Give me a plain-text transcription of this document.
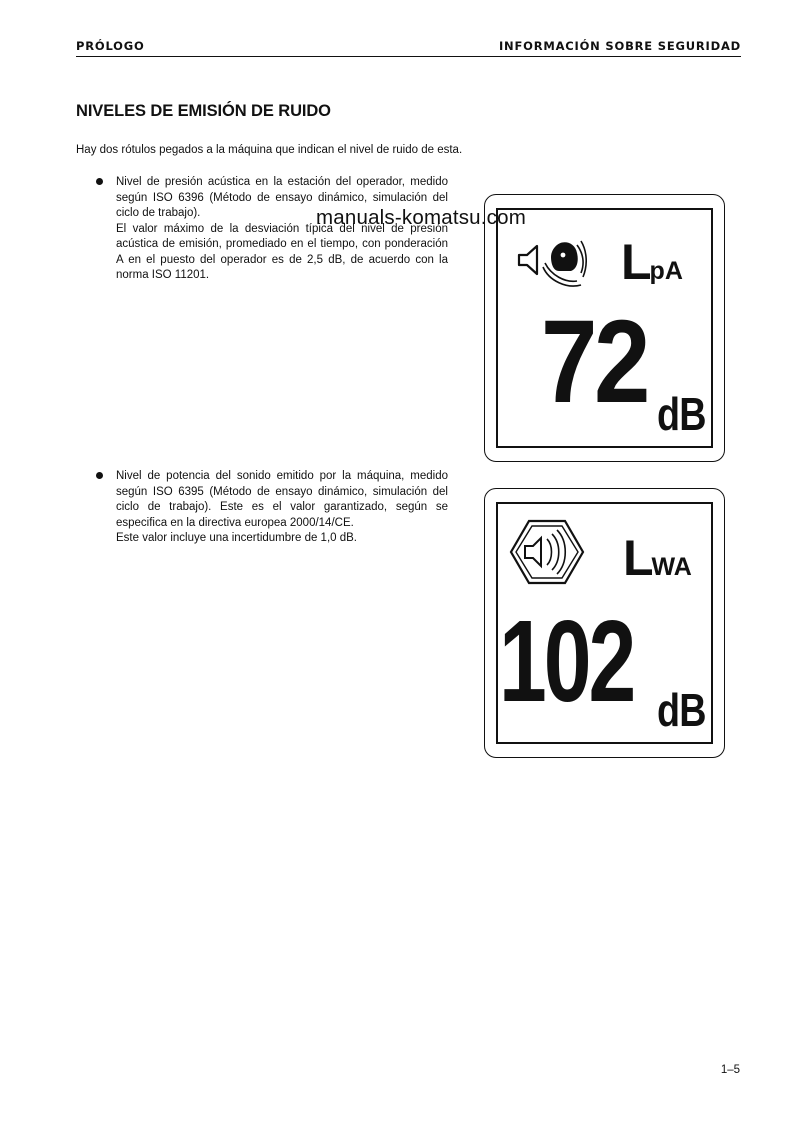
PRÓLOGO	INFORMACIÓN SOBRE SEGURIDAD
NIVELES DE EMISIÓN DE RUIDO
Hay dos rótulos pegados a la máquina que indican el nivel de ruido de esta.

Nivel de presión acústica en la estación del operador, medido según ISO 6396 (Método de ensayo dinámico, simulación del ciclo de trabajo).

El valor máximo de la desviación típica del nivel de presión acústica de emisión, promediado en el tiempo, con ponderación A en el puesto del operador es de 2,5 dB, de acuerdo con la norma ISO 11201.

Nivel de potencia del sonido emitido por la máquina, medido según ISO 6395 (Método de ensayo dinámico, simulación del ciclo de trabajo). Este es el valor garantizado, según se especifica en la directiva europea 2000/14/CE.

Este valor incluye una incertidumbre de 1,0 dB.

LpA
72 dB
LWA
102 dB
manuals-komatsu.com
1–5
